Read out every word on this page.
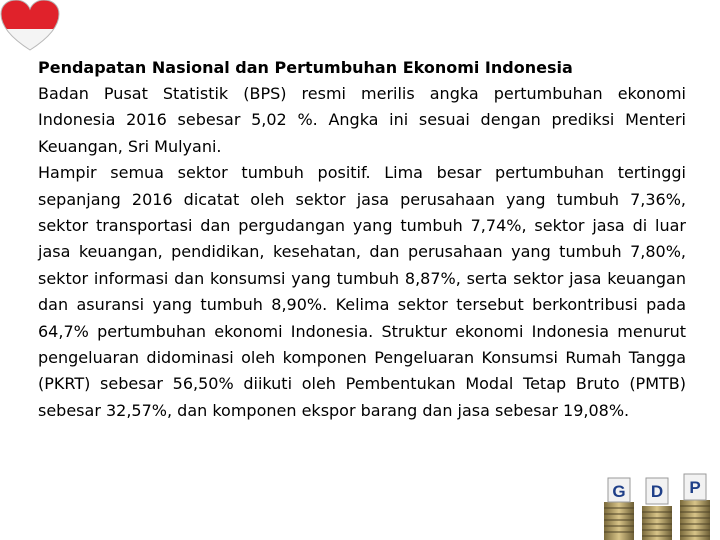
Pendapatan Nasional dan Pertumbuhan Ekonomi Indonesia

Badan Pusat Statistik (BPS) resmi merilis angka pertumbuhan ekonomi Indonesia 2016 sebesar 5,02 %. Angka ini sesuai dengan prediksi Menteri Keuangan, Sri Mulyani.

Hampir semua sektor tumbuh positif. Lima besar pertumbuhan tertinggi sepanjang 2016 dicatat oleh sektor jasa perusahaan yang tumbuh 7,36%, sektor transportasi dan pergudangan yang tumbuh 7,74%, sektor jasa di luar jasa keuangan, pendidikan, kesehatan, dan perusahaan yang tumbuh 7,80%, sektor informasi dan konsumsi yang tumbuh 8,87%, serta sektor jasa keuangan dan asuransi yang tumbuh 8,90%. Kelima sektor tersebut berkontribusi pada 64,7% pertumbuhan ekonomi Indonesia. Struktur ekonomi Indonesia menurut pengeluaran didominasi oleh komponen Pengeluaran Konsumsi Rumah Tangga (PKRT) sebesar 56,50% diikuti oleh Pembentukan Modal Tetap Bruto (PMTB) sebesar 32,57%, dan komponen ekspor barang dan jasa sebesar 19,08%.

G D P
